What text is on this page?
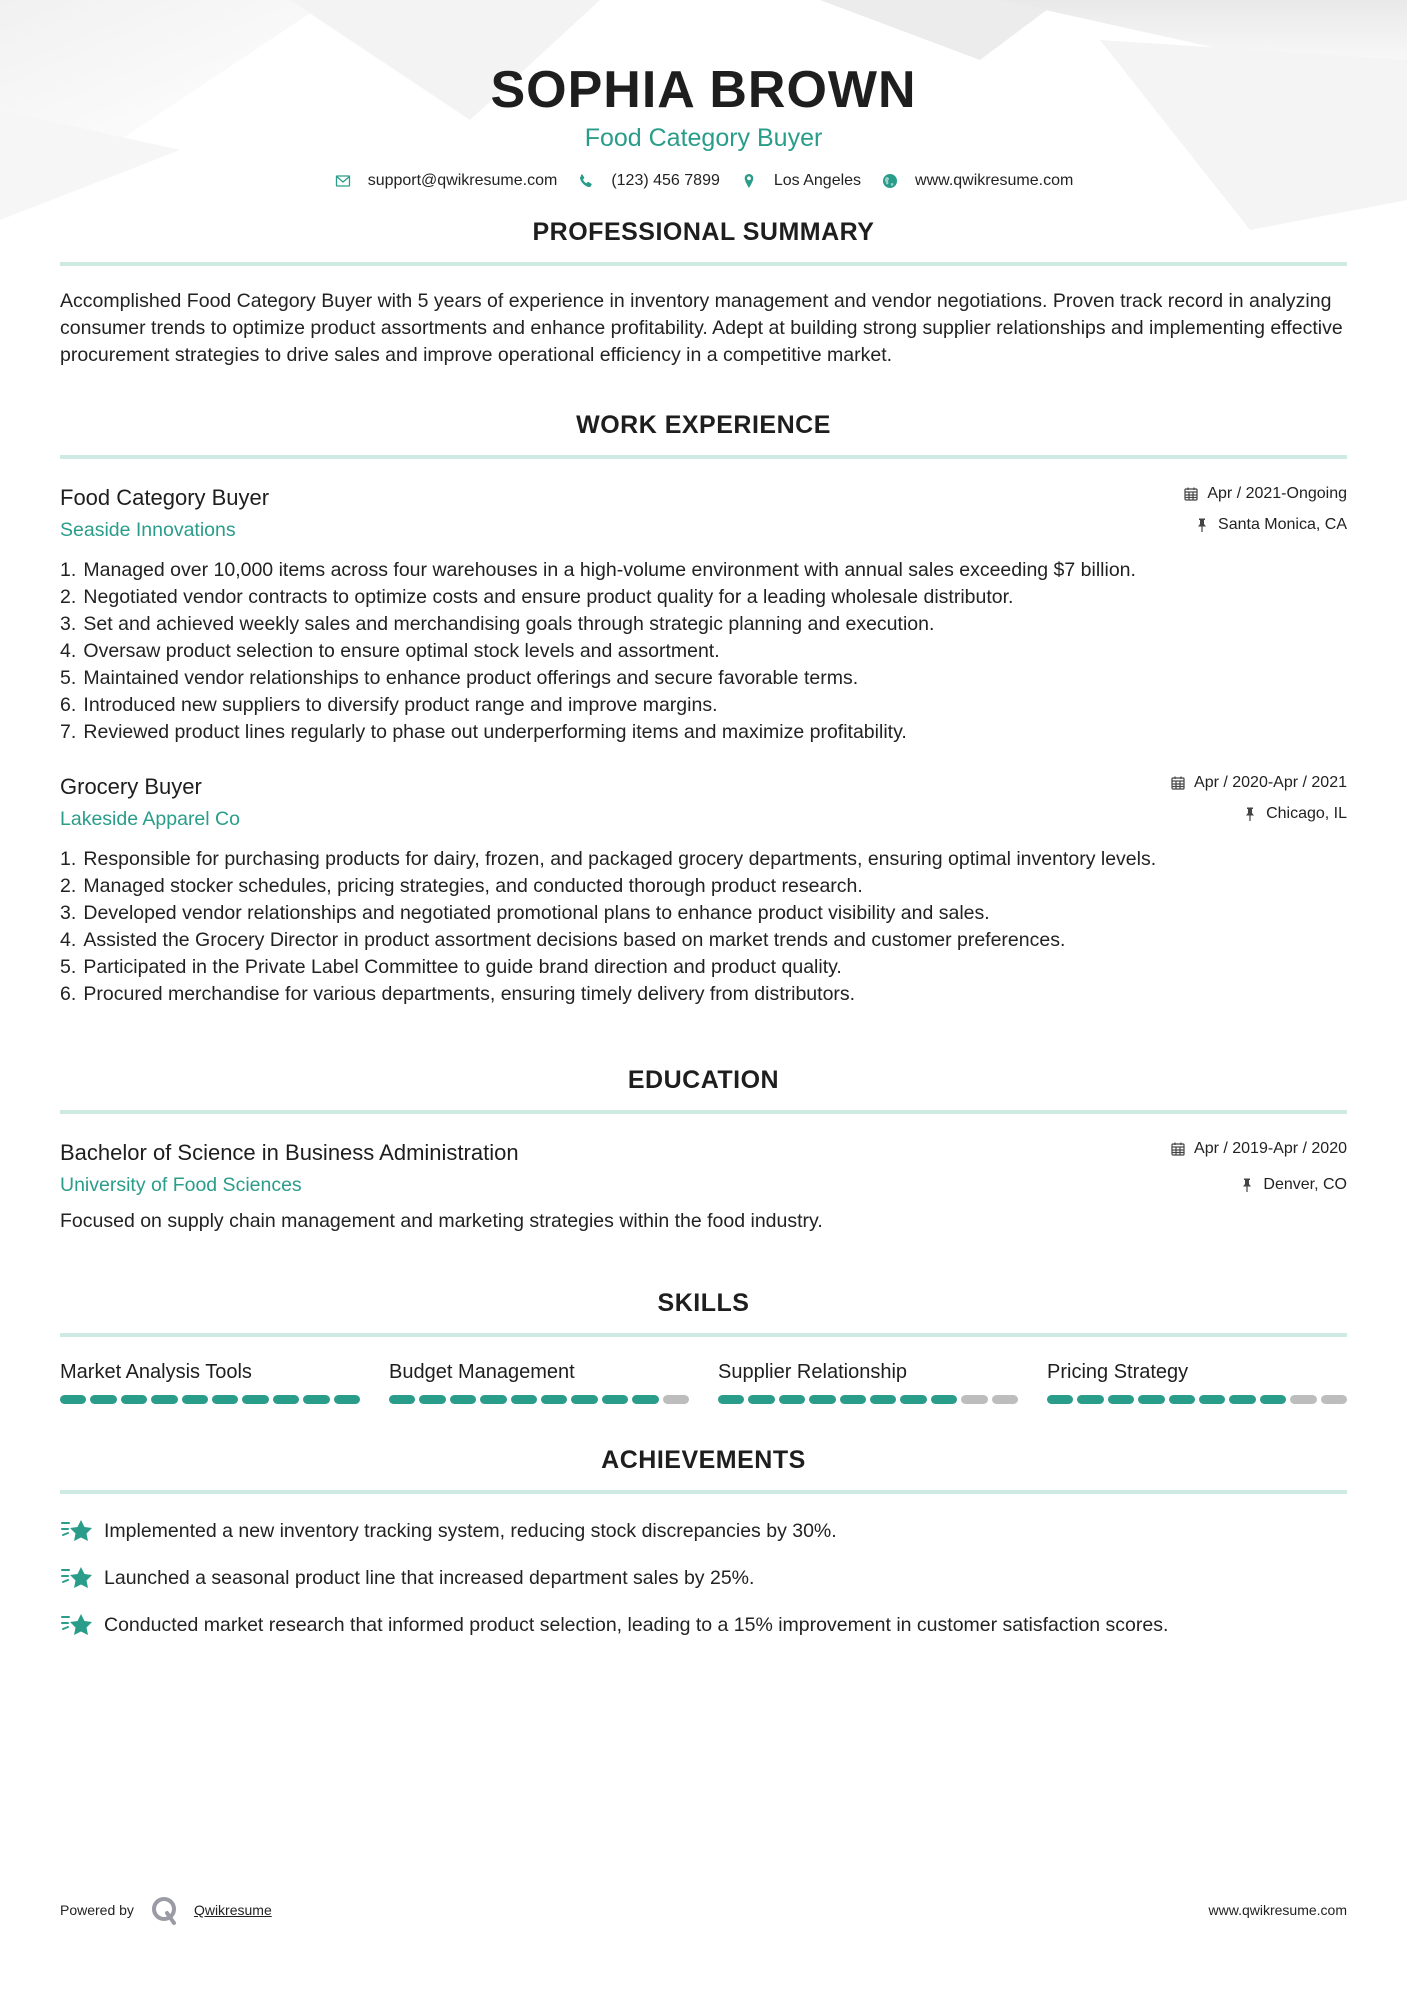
SOPHIA BROWN
Food Category Buyer
support@qwikresume.com	(123) 456 7899	Los Angeles	www.qwikresume.com
PROFESSIONAL SUMMARY

Accomplished Food Category Buyer with 5 years of experience in inventory management and vendor negotiations. Proven track record in analyzing consumer trends to optimize product assortments and enhance profitability. Adept at building strong supplier relationships and implementing effective procurement strategies to drive sales and improve operational efficiency in a competitive market.

WORK EXPERIENCE
Food Category Buyer
Seaside Innovations
Apr / 2021-Ongoing
Santa Monica, CA
1.
Managed over 10,000 items across four warehouses in a high-volume environment with annual sales exceeding $7 billion.
2.
Negotiated vendor contracts to optimize costs and ensure product quality for a leading wholesale distributor.
3.
Set and achieved weekly sales and merchandising goals through strategic planning and execution.
4.
Oversaw product selection to ensure optimal stock levels and assortment.
5.
Maintained vendor relationships to enhance product offerings and secure favorable terms.
6.
Introduced new suppliers to diversify product range and improve margins.
7.
Reviewed product lines regularly to phase out underperforming items and maximize profitability.
Grocery Buyer
Lakeside Apparel Co
Apr / 2020-Apr / 2021
Chicago, IL
1.
Responsible for purchasing products for dairy, frozen, and packaged grocery departments, ensuring optimal inventory levels.
2.
Managed stocker schedules, pricing strategies, and conducted thorough product research.
3.
Developed vendor relationships and negotiated promotional plans to enhance product visibility and sales.
4.
Assisted the Grocery Director in product assortment decisions based on market trends and customer preferences.
5.
Participated in the Private Label Committee to guide brand direction and product quality.
6.
Procured merchandise for various departments, ensuring timely delivery from distributors.
EDUCATION
Bachelor of Science in Business Administration
University of Food Sciences
Apr / 2019-Apr / 2020
Denver, CO

Focused on supply chain management and marketing strategies within the food industry.

SKILLS
Market Analysis Tools	Budget Management	Supplier Relationship	Pricing Strategy
ACHIEVEMENTS
Implemented a new inventory tracking system, reducing stock discrepancies by 30%.
Launched a seasonal product line that increased department sales by 25%.
Conducted market research that informed product selection, leading to a 15% improvement in customer satisfaction scores.
Powered by	Qwikresume	www.qwikresume.com
